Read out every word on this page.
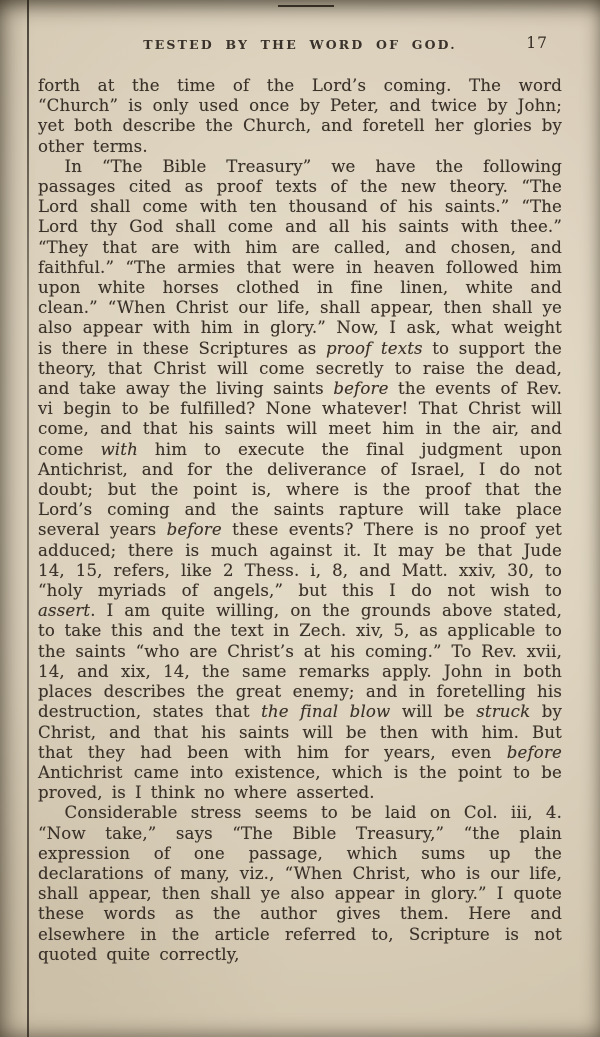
TESTED BY THE WORD OF GOD.	17

forth at the time of the Lord’s coming. The word “Church” is only used once by Peter, and twice by John; yet both describe the Church, and foretell her glories by other terms.

In “The Bible Treasury” we have the following passages cited as proof texts of the new theory. “The Lord shall come with ten thousand of his saints.” “The Lord thy God shall come and all his saints with thee.” “They that are with him are called, and chosen, and faithful.” “The armies that were in heaven followed him upon white horses clothed in fine linen, white and clean.” “When Christ our life, shall appear, then shall ye also appear with him in glory.” Now, I ask, what weight is there in these Scriptures as proof texts to support the theory, that Christ will come secretly to raise the dead, and take away the living saints before the events of Rev. vi begin to be fulfilled? None whatever! That Christ will come, and that his saints will meet him in the air, and come with him to execute the final judgment upon Antichrist, and for the deliverance of Israel, I do not doubt; but the point is, where is the proof that the Lord’s coming and the saints rapture will take place several years before these events? There is no proof yet adduced; there is much against it. It may be that Jude 14, 15, refers, like 2 Thess. i, 8, and Matt. xxiv, 30, to “holy myriads of angels,” but this I do not wish to assert. I am quite willing, on the grounds above stated, to take this and the text in Zech. xiv, 5, as applicable to the saints “who are Christ’s at his coming.” To Rev. xvii, 14, and xix, 14, the same remarks apply. John in both places describes the great enemy; and in foretelling his destruction, states that the final blow will be struck by Christ, and that his saints will be then with him. But that they had been with him for years, even before Antichrist came into existence, which is the point to be proved, is I think no where asserted.

Considerable stress seems to be laid on Col. iii, 4. “Now take,” says “The Bible Treasury,” “the plain expression of one passage, which sums up the declarations of many, viz., “When Christ, who is our life, shall appear, then shall ye also appear in glory.” I quote these words as the author gives them. Here and elsewhere in the article referred to, Scripture is not quoted quite correctly,
